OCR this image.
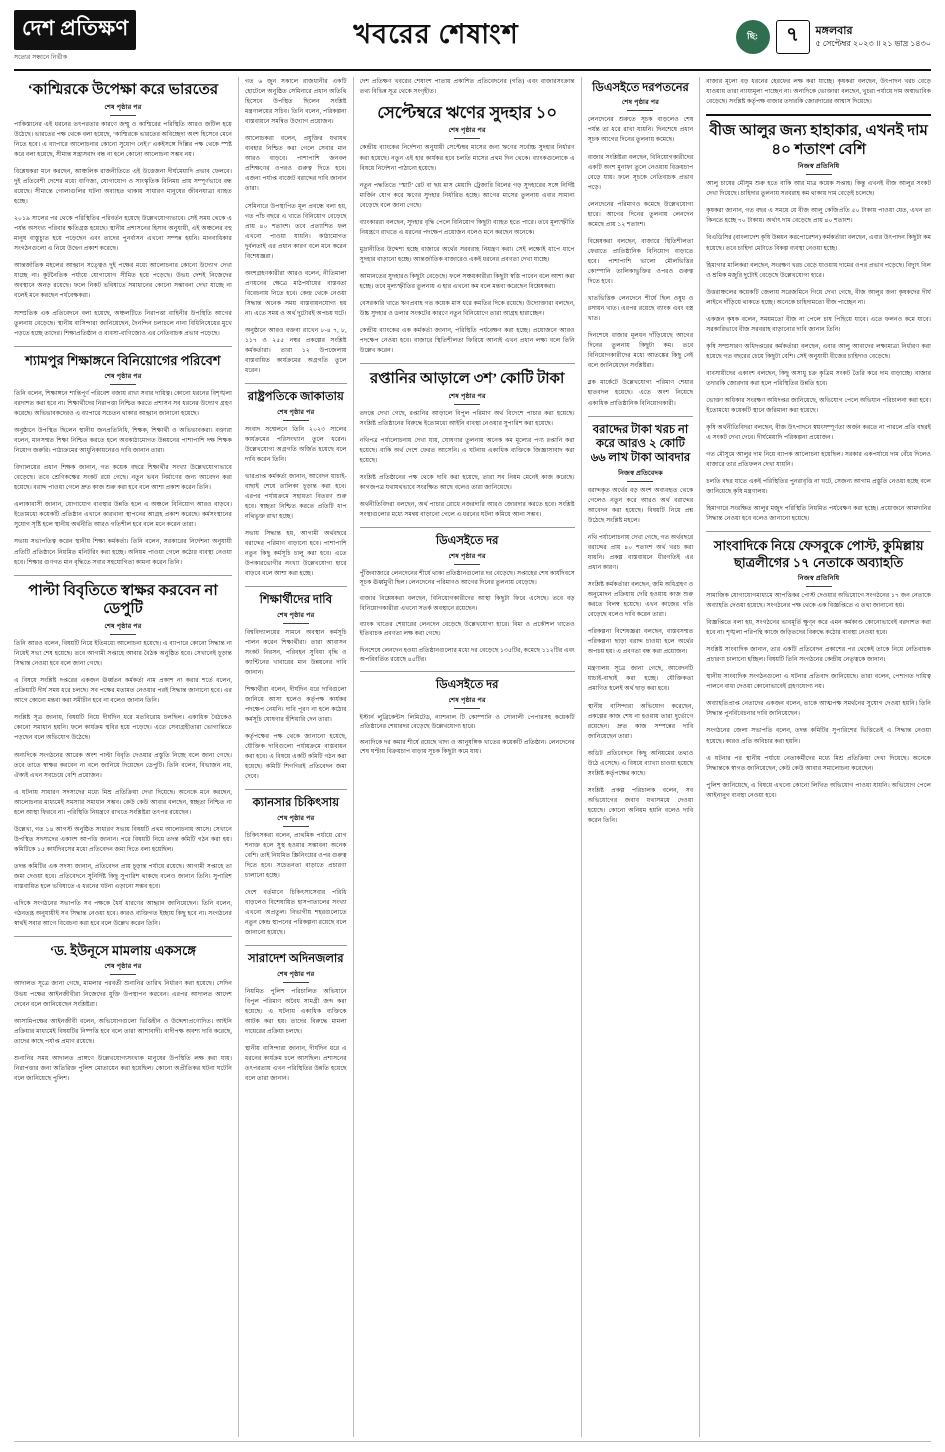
দেশ প্রতিক্ষণ
সত্যের সন্ধানে নির্ভীক
খবরের শেষাংশ	ছি:	৭	মঙ্গলবার
৫ সেপ্টেম্বর ২০২৩ ॥ ২১ ভাদ্র ১৪৩০
‘কাশ্মিরকে উপেক্ষা করে ভারতের
শেষ পৃষ্ঠার পর

পাকিস্তানের এই ধরনের তৎপরতার কারণে জম্মু ও কাশ্মিরের পরিস্থিতি আরও জটিল হয়ে উঠেছে। ভারতের পক্ষ থেকে বলা হয়েছে, ‘কাশ্মিরকে ভারতের অবিচ্ছেদ্য অংশ হিসেবে মেনে নিতে হবে। এ ব্যাপারে আলোচনার কোনো সুযোগ নেই।’ একইসঙ্গে দিল্লির পক্ষ থেকে স্পষ্ট করে বলা হয়েছে, সীমান্ত সন্ত্রাসবাদ বন্ধ না হলে কোনো আলোচনা সম্ভব নয়।

বিশ্লেষকরা মনে করছেন, আঞ্চলিক রাজনীতিতে এই উত্তেজনা দীর্ঘমেয়াদি প্রভাব ফেলবে। দুই প্রতিবেশী দেশের মধ্যে বাণিজ্য, যোগাযোগ ও সাংস্কৃতিক বিনিময় প্রায় সম্পূর্ণভাবে বন্ধ রয়েছে। সীমান্তে গোলাগুলির ঘটনা অব্যাহত থাকায় সাধারণ মানুষের জীবনযাত্রা ব্যাহত হচ্ছে।

২০১৯ সালের পর থেকে পরিস্থিতির পরিবর্তন হয়েছে উল্লেখযোগ্যভাবে। সেই সময় থেকে এ পর্যন্ত অসংখ্য পরিবার ক্ষতিগ্রস্ত হয়েছে। স্থানীয় প্রশাসনের হিসাব অনুযায়ী, এই অঞ্চলের বহু মানুষ বাস্তুচ্যুত হয়ে পড়েছেন এবং তাদের পুনর্বাসন এখনো সম্পন্ন হয়নি। মানবাধিকার সংগঠনগুলো এ নিয়ে উদ্বেগ প্রকাশ করেছে।

আন্তর্জাতিক মহলের আহ্বান সত্ত্বেও দুই পক্ষের মধ্যে আলোচনার কোনো উদ্যোগ দেখা যাচ্ছে না। কূটনৈতিক পর্যায়ে যোগাযোগ সীমিত হয়ে পড়েছে। উভয় দেশই নিজেদের অবস্থানে অনড় রয়েছে। ফলে নিকট ভবিষ্যতে সমাধানের কোনো সম্ভাবনা দেখা যাচ্ছে না বলেই মনে করছেন পর্যবেক্ষকরা।

সাম্প্রতিক এক প্রতিবেদনে বলা হয়েছে, অঞ্চলটিতে নিরাপত্তা বাহিনীর উপস্থিতি আগের তুলনায় বেড়েছে। স্থানীয় বাসিন্দারা জানিয়েছেন, দৈনন্দিন চলাচলে নানা বিধিনিষেধের মুখে পড়তে হচ্ছে তাদের। শিক্ষাপ্রতিষ্ঠান ও ব্যবসা-বাণিজ্যেও এর নেতিবাচক প্রভাব পড়েছে।

শ্যামপুর শিক্ষাঙ্গনে বিনিয়োগের পরিবেশ
শেষ পৃষ্ঠার পর

তিনি বলেন, শিক্ষাঙ্গনে শান্তিপূর্ণ পরিবেশ বজায় রাখা সবার দায়িত্ব। কোনো ধরনের বিশৃঙ্খলা বরদাশত করা হবে না। শিক্ষার্থীদের নিরাপত্তা নিশ্চিত করতে প্রশাসন সব ধরনের উদ্যোগ গ্রহণ করেছে। অভিভাবকদেরও এ ব্যাপারে সচেতন থাকার আহ্বান জানানো হয়েছে।

অনুষ্ঠানে উপস্থিত ছিলেন স্থানীয় জনপ্রতিনিধি, শিক্ষক, শিক্ষার্থী ও অভিভাবকরা। বক্তারা বলেন, মানসম্মত শিক্ষা নিশ্চিত করতে হলে অবকাঠামোগত উন্নয়নের পাশাপাশি দক্ষ শিক্ষক নিয়োগ জরুরি। পাঠ্যক্রমের আধুনিকায়নেরও দাবি জানান তারা।

বিদ্যালয়ের প্রধান শিক্ষক জানান, গত কয়েক বছরে শিক্ষার্থীর সংখ্যা উল্লেখযোগ্যভাবে বেড়েছে। তবে শ্রেণিকক্ষের সংকট রয়ে গেছে। নতুন ভবন নির্মাণের জন্য আবেদন করা হয়েছে। বরাদ্দ পাওয়া গেলে দ্রুত কাজ শুরু করা হবে বলে আশা প্রকাশ করেন তিনি।

এলাকাবাসী জানান, যোগাযোগ ব্যবস্থার উন্নতি হলে এ অঞ্চলে বিনিয়োগ আরও বাড়বে। ইতোমধ্যে কয়েকটি প্রতিষ্ঠান এখানে কারখানা স্থাপনের আগ্রহ প্রকাশ করেছে। কর্মসংস্থানের সুযোগ সৃষ্টি হলে স্থানীয় অর্থনীতি আরও গতিশীল হবে বলে মনে করেন তারা।

সভায় সভাপতিত্ব করেন স্থানীয় শিক্ষা কর্মকর্তা। তিনি বলেন, সরকারের নির্দেশনা অনুযায়ী প্রতিটি প্রতিষ্ঠানে নিয়মিত মনিটরিং করা হচ্ছে। অনিয়ম পাওয়া গেলে কঠোর ব্যবস্থা নেওয়া হবে। শিক্ষার গুণগত মান বৃদ্ধিতে সবার সহযোগিতা কামনা করেন তিনি।

পাল্টা বিবৃতিতে স্বাক্ষর করবেন না ডেপুটি
শেষ পৃষ্ঠার পর

তিনি আরও বলেন, বিষয়টি নিয়ে ইতিমধ্যে আলোচনা হয়েছে। এ ব্যাপারে কোনো সিদ্ধান্ত না নিয়েই সভা শেষ হয়েছে। তবে আগামী সপ্তাহে আবার বৈঠক অনুষ্ঠিত হবে। সেখানেই চূড়ান্ত সিদ্ধান্ত নেওয়া হবে বলে জানা গেছে।

এ বিষয়ে সংশ্লিষ্ট দপ্তরের একজন ঊর্ধ্বতন কর্মকর্তা নাম প্রকাশ না করার শর্তে বলেন, প্রক্রিয়াটি দীর্ঘ সময় ধরে চলছে। সব পক্ষের মতামত নেওয়ার পরই সিদ্ধান্ত জানানো হবে। এর আগে কোনো মন্তব্য করা সমীচীন হবে না বলেও জানান তিনি।

সংশ্লিষ্ট সূত্র জানায়, বিষয়টি নিয়ে দীর্ঘদিন ধরে মতবিরোধ চলছিল। একাধিক বৈঠকেও কোনো সমাধান হয়নি। ফলে কার্যক্রম স্থবির হয়ে পড়েছে। এতে সেবাগ্রহীতারা ভোগান্তিতে পড়ছেন বলে অভিযোগ উঠেছে।

অন্যদিকে সংগঠনের আরেক অংশ পাল্টা বিবৃতি দেওয়ার প্রস্তুতি নিচ্ছে বলে জানা গেছে। তবে তাতে স্বাক্ষর করবেন না বলে জানিয়ে দিয়েছেন ডেপুটি। তিনি বলেন, বিভাজন নয়, ঐক্যই এখন সবচেয়ে বেশি প্রয়োজন।

এ ঘটনায় সাধারণ সদস্যদের মধ্যে মিশ্র প্রতিক্রিয়া দেখা দিয়েছে। অনেকে মনে করছেন, আলোচনার মাধ্যমেই সমস্যার সমাধান সম্ভব। কেউ কেউ আবার বলছেন, স্বচ্ছতা নিশ্চিত না হলে আস্থা ফিরবে না। পরিস্থিতি নিয়ন্ত্রণে রাখতে সংশ্লিষ্টরা তৎপর রয়েছেন।

উল্লেখ্য, গত ১৪ আগস্ট অনুষ্ঠিত সাধারণ সভায় বিষয়টি প্রথম আলোচনায় আসে। সেখানে উপস্থিত সদস্যদের একাংশ আপত্তি জানান। পরে বিষয়টি নিয়ে তদন্ত কমিটি গঠন করা হয়। কমিটিকে ১৫ কার্যদিবসের মধ্যে প্রতিবেদন জমা দিতে বলা হয়েছিল।

তদন্ত কমিটির এক সদস্য জানান, প্রতিবেদন প্রায় চূড়ান্ত পর্যায়ে রয়েছে। আগামী সপ্তাহে তা জমা দেওয়া হবে। প্রতিবেদনে সুনির্দিষ্ট কিছু সুপারিশ থাকছে বলেও জানান তিনি। সুপারিশ বাস্তবায়িত হলে ভবিষ্যতে এ ধরনের ঘটনা এড়ানো সম্ভব হবে।

এদিকে সংগঠনের সভাপতি সব পক্ষকে ধৈর্য ধারণের আহ্বান জানিয়েছেন। তিনি বলেন, গঠনতন্ত্র অনুযায়ীই সব সিদ্ধান্ত নেওয়া হবে। কারও ব্যক্তিগত ইচ্ছায় কিছু হবে না। সংগঠনের স্বার্থই সবার আগে বিবেচনা করা হবে বলে উল্লেখ করেন তিনি।

‘ড. ইউনূসে মামলায় একসঙ্গে
শেষ পৃষ্ঠার পর

আদালত সূত্রে জানা গেছে, মামলার পরবর্তী শুনানির তারিখ নির্ধারণ করা হয়েছে। সেদিন উভয় পক্ষের আইনজীবীরা নিজেদের যুক্তি উপস্থাপন করবেন। এরপর আদালত আদেশ দেবেন বলে জানিয়েছেন সংশ্লিষ্টরা।

আসামিপক্ষের আইনজীবী বলেন, অভিযোগগুলো ভিত্তিহীন ও উদ্দেশ্যপ্রণোদিত। আইনি প্রক্রিয়ার মাধ্যমেই বিষয়টির নিষ্পত্তি হবে বলে তারা আশাবাদী। বাদীপক্ষ অবশ্য দাবি করেছে, তাদের কাছে পর্যাপ্ত প্রমাণ রয়েছে।

শুনানির সময় আদালত প্রাঙ্গণে উল্লেখযোগ্যসংখ্যক মানুষের উপস্থিতি লক্ষ করা যায়। নিরাপত্তার জন্য অতিরিক্ত পুলিশ মোতায়েন করা হয়েছিল। কোনো অপ্রীতিকর ঘটনা ঘটেনি বলে জানিয়েছে পুলিশ।

গত ৬ জুন সকালে রাজধানীর একটি হোটেলে অনুষ্ঠিত সেমিনারে প্রধান অতিথি হিসেবে উপস্থিত ছিলেন সংশ্লিষ্ট মন্ত্রণালয়ের সচিব। তিনি বলেন, পরিকল্পনা বাস্তবায়নে সমন্বিত উদ্যোগ প্রয়োজন।

আলোচকরা বলেন, প্রযুক্তির যথাযথ ব্যবহার নিশ্চিত করা গেলে সেবার মান আরও বাড়বে। পাশাপাশি জনবল প্রশিক্ষণের ওপরও গুরুত্ব দিতে হবে। এজন্য পর্যাপ্ত বাজেট বরাদ্দের দাবি জানান তারা।

সেমিনারে উপস্থাপিত মূল প্রবন্ধে বলা হয়, গত পাঁচ বছরে এ খাতে বিনিয়োগ বেড়েছে প্রায় ৪০ শতাংশ। তবে প্রত্যাশিত ফল এখনো পাওয়া যায়নি। কাঠামোগত দুর্বলতাই এর প্রধান কারণ বলে মনে করেন বিশেষজ্ঞরা।

অংশগ্রহণকারীরা আরও বলেন, নীতিমালা প্রণয়নের ক্ষেত্রে মাঠপর্যায়ের বাস্তবতা বিবেচনায় নিতে হবে। কেন্দ্র থেকে নেওয়া সিদ্ধান্ত অনেক সময় বাস্তবায়নযোগ্য হয় না। এতে সময় ও অর্থ দুটোরই অপচয় ঘটে।

অনুষ্ঠানে আরও বক্তব্য রাখেন ৮-৪ ৭, ৮, ১১৭ ও ২৫৫ নম্বর প্রকল্পের সংশ্লিষ্ট কর্মকর্তারা। তারা ১২ উপজেলায় বাস্তবায়িত কার্যক্রমের অগ্রগতি তুলে ধরেন।

রাষ্ট্রপতিকে জাকাতায়
শেষ পৃষ্ঠার পর

সংবাদ সম্মেলনে তিনি ২০২৩ সালের কার্যক্রমের পরিসংখ্যান তুলে ধরেন। উল্লেখযোগ্য অগ্রগতি অর্জিত হয়েছে বলে দাবি করেন তিনি।

ভারপ্রাপ্ত কর্মকর্তা জানান, আবেদন যাচাই-বাছাই শেষে তালিকা চূড়ান্ত করা হবে। এরপর পর্যায়ক্রমে সহায়তা বিতরণ শুরু হবে। স্বচ্ছতা নিশ্চিত করতে প্রতিটি ধাপ নথিভুক্ত রাখা হচ্ছে।

সভায় সিদ্ধান্ত হয়, আগামী অর্থবছরে বরাদ্দের পরিমাণ বাড়ানো হবে। পাশাপাশি নতুন কিছু কর্মসূচি চালু করা হবে। এতে উপকারভোগীর সংখ্যা উল্লেখযোগ্য হারে বাড়বে বলে আশা করা হচ্ছে।

শিক্ষার্থীদের দাবি
শেষ পৃষ্ঠার পর

বিশ্ববিদ্যালয়ের সামনে অবস্থান কর্মসূচি পালন করেন শিক্ষার্থীরা। তারা আবাসন সংকট নিরসন, পরিবহন সুবিধা বৃদ্ধি ও ক্যান্টিনের খাবারের মান উন্নয়নের দাবি জানান।

শিক্ষার্থীরা বলেন, দীর্ঘদিন ধরে দাবিগুলো জানিয়ে আসা হলেও কর্তৃপক্ষ কার্যকর পদক্ষেপ নেয়নি। দাবি পূরণ না হলে কঠোর কর্মসূচি ঘোষণার হুঁশিয়ারি দেন তারা।

কর্তৃপক্ষের পক্ষ থেকে জানানো হয়েছে, যৌক্তিক দাবিগুলো পর্যায়ক্রমে বাস্তবায়ন করা হবে। এ বিষয়ে একটি কমিটি গঠন করা হয়েছে। কমিটি শিগগিরই প্রতিবেদন জমা দেবে।

ক্যানসার চিকিৎসায়
শেষ পৃষ্ঠার পর

চিকিৎসকরা বলেন, প্রাথমিক পর্যায়ে রোগ শনাক্ত হলে সুস্থ হওয়ার সম্ভাবনা অনেক বেশি। তাই নিয়মিত স্ক্রিনিংয়ের ওপর গুরুত্ব দিতে হবে। সচেতনতা বাড়াতে প্রচারণা চালানো হচ্ছে।

দেশে বর্তমানে চিকিৎসাসেবার পরিধি বাড়লেও বিশেষায়িত হাসপাতালের সংখ্যা এখনো অপ্রতুল। বিভাগীয় শহরগুলোতে নতুন কেন্দ্র স্থাপনের পরিকল্পনা রয়েছে বলে জানানো হয়েছে।

সারাদেশ অদিনজলার
শেষ পৃষ্ঠার পর

নিয়মিত পুলিশ পরিচালিত অভিযানে বিপুল পরিমাণ অবৈধ সামগ্রী জব্দ করা হয়েছে। এ ঘটনায় একাধিক ব্যক্তিকে আটক করা হয়। তাদের বিরুদ্ধে মামলা দায়েরের প্রক্রিয়া চলছে।

স্থানীয় বাসিন্দারা জানান, দীর্ঘদিন ধরে এ ধরনের কার্যক্রম চলে আসছিল। প্রশাসনের তৎপরতায় এখন পরিস্থিতির উন্নতি হয়েছে বলে তারা জানান।

দেশ প্রতিক্ষণ খবরের শেষাংশ পাতায় প্রকাশিত প্রতিবেদনের (গতি) এবং বাজারসংক্রান্ত তথ্য বিভিন্ন সূত্র থেকে সংগৃহীত।

সেপ্টেম্বরে ঋণের সুদহার ১০
শেষ পৃষ্ঠার পর

কেন্দ্রীয় ব্যাংকের নির্দেশনা অনুযায়ী সেপ্টেম্বর মাসের জন্য ঋণের সর্বোচ্চ সুদহার নির্ধারণ করা হয়েছে। নতুন এই হার কার্যকর হবে চলতি মাসের প্রথম দিন থেকে। ব্যাংকগুলোকে এ বিষয়ে নির্দেশনা পাঠানো হয়েছে।

নতুন পদ্ধতিতে ‘স্মার্ট’ রেট বা ছয় মাস মেয়াদি ট্রেজারি বিলের গড় সুদহারের সঙ্গে নির্দিষ্ট মার্জিন যোগ করে ঋণের সুদহার নির্ধারিত হচ্ছে। আগের মাসের তুলনায় এবার সামান্য বেড়েছে বলে জানা গেছে।

ব্যাংকাররা বলছেন, সুদহার বৃদ্ধি পেলে বিনিয়োগ কিছুটা ব্যাহত হতে পারে। তবে মূল্যস্ফীতি নিয়ন্ত্রণে রাখতে এ ধরনের পদক্ষেপ প্রয়োজন বলেও মনে করছেন অনেকে।

মুদ্রানীতির উদ্দেশ্য হচ্ছে বাজারে অর্থের সরবরাহ নিয়ন্ত্রণ করা। সেই লক্ষ্যেই ধাপে ধাপে সুদহার বাড়ানো হচ্ছে। আন্তর্জাতিক বাজারেও একই ধরনের প্রবণতা দেখা যাচ্ছে।

আমানতের সুদহারও কিছুটা বেড়েছে। ফলে সঞ্চয়কারীরা কিছুটা স্বস্তি পাবেন বলে আশা করা হচ্ছে। তবে মূল্যস্ফীতির তুলনায় এ হার এখনো কম বলে মন্তব্য করেছেন বিশ্লেষকরা।

বেসরকারি খাতে ঋণপ্রবাহ গত কয়েক মাস ধরে কমতির দিকে রয়েছে। উদ্যোক্তারা বলছেন, উচ্চ সুদহার ও ডলার সংকটের কারণে নতুন বিনিয়োগে তারা আগ্রহ হারাচ্ছেন।

কেন্দ্রীয় ব্যাংকের এক কর্মকর্তা জানান, পরিস্থিতি পর্যবেক্ষণ করা হচ্ছে। প্রয়োজনে আরও পদক্ষেপ নেওয়া হবে। বাজারে স্থিতিশীলতা ফিরিয়ে আনাই এখন প্রধান লক্ষ্য বলে তিনি উল্লেখ করেন।

রপ্তানির আড়ালে ৩শ’ কোটি টাকা
শেষ পৃষ্ঠার পর

তদন্তে দেখা গেছে, রপ্তানির আড়ালে বিপুল পরিমাণ অর্থ বিদেশে পাচার করা হয়েছে। সংশ্লিষ্ট প্রতিষ্ঠানের বিরুদ্ধে ইতোমধ্যে আইনি ব্যবস্থা নেওয়ার সুপারিশ করা হয়েছে।

নথিপত্র পর্যালোচনায় দেখা যায়, ঘোষণার তুলনায় অনেক কম মূল্যের পণ্য রপ্তানি করা হয়েছে। বাকি অর্থ দেশে ফেরত আসেনি। এ ঘটনায় একাধিক ব্যক্তিকে জিজ্ঞাসাবাদ করা হয়েছে।

সংশ্লিষ্ট প্রতিষ্ঠানের পক্ষ থেকে দাবি করা হয়েছে, তারা সব নিয়ম মেনেই কাজ করেছে। কাগজপত্র যথাযথভাবে সংরক্ষিত আছে বলেও তারা জানিয়েছে।

অর্থনীতিবিদরা বলছেন, অর্থ পাচার রোধে নজরদারি আরও জোরদার করতে হবে। সংশ্লিষ্ট সংস্থাগুলোর মধ্যে সমন্বয় বাড়ানো গেলে এ ধরনের ঘটনা কমিয়ে আনা সম্ভব।

ডিএসইতে দর
শেষ পৃষ্ঠার পর

পুঁজিবাজারে লেনদেনের শীর্ষে থাকা প্রতিষ্ঠানগুলোর দর বেড়েছে। সপ্তাহের শেষ কার্যদিবসে সূচক ঊর্ধ্বমুখী ছিল। লেনদেনের পরিমাণও আগের দিনের তুলনায় বেড়েছে।

বাজার বিশ্লেষকরা বলছেন, বিনিয়োগকারীদের আস্থা কিছুটা ফিরে এসেছে। তবে বড় বিনিয়োগকারীরা এখনো সতর্ক অবস্থানে রয়েছেন।

ব্যাংক খাতের শেয়ারের লেনদেন বেড়েছে উল্লেখযোগ্য হারে। বিমা ও প্রকৌশল খাতেও ইতিবাচক প্রবণতা লক্ষ করা গেছে।

দিনশেষে লেনদেন হওয়া প্রতিষ্ঠানগুলোর মধ্যে দর বেড়েছে ১৩৫টির, কমেছে ১১২টির এবং অপরিবর্তিত রয়েছে ৪৫টির।

ডিএসইতে দর
শেষ পৃষ্ঠার পর

ইস্টার্ন লুব্রিকেন্টস লিমিটেড, ন্যাশনাল টি কোম্পানি ও সোনালী পেপারসহ কয়েকটি প্রতিষ্ঠানের শেয়ারদর বেড়েছে উল্লেখযোগ্য হারে।

অন্যদিকে দর কমার শীর্ষে রয়েছে খাদ্য ও আনুষঙ্গিক খাতের কয়েকটি প্রতিষ্ঠান। লেনদেনের শেষ ঘণ্টায় বিক্রয়চাপ বাড়ায় সূচক কিছুটা কমে যায়।

ডিএসইতে দরপতনের
শেষ পৃষ্ঠার পর

লেনদেনের শুরুতে সূচক বাড়লেও শেষ পর্যন্ত তা ধরে রাখা যায়নি। দিনশেষে প্রধান সূচক আগের দিনের তুলনায় কমেছে।

বাজার সংশ্লিষ্টরা বলছেন, বিনিয়োগকারীদের একটি অংশ মুনাফা তুলে নেওয়ায় বিক্রয়চাপ বেড়ে যায়। ফলে সূচকে নেতিবাচক প্রভাব পড়ে।

লেনদেনের পরিমাণও কমেছে উল্লেখযোগ্য হারে। আগের দিনের তুলনায় লেনদেন কমেছে প্রায় ১২ শতাংশ।

বিশ্লেষকরা বলছেন, বাজারে স্থিতিশীলতা ফেরাতে প্রাতিষ্ঠানিক বিনিয়োগ বাড়াতে হবে। পাশাপাশি ভালো মৌলভিত্তির কোম্পানি তালিকাভুক্তির ওপরও গুরুত্ব দিতে হবে।

খাতভিত্তিক লেনদেনে শীর্ষে ছিল ওষুধ ও রসায়ন খাত। এরপর রয়েছে ব্যাংক এবং বস্ত্র খাত।

দিনশেষে বাজার মূলধন দাঁড়িয়েছে আগের দিনের তুলনায় কিছুটা কম। তবে বিনিয়োগকারীদের মধ্যে আতঙ্কের কিছু নেই বলে জানিয়েছেন সংশ্লিষ্টরা।

ব্লক মার্কেটে উল্লেখযোগ্য পরিমাণ শেয়ার হাতবদল হয়েছে। এতে অংশ নিয়েছে একাধিক প্রাতিষ্ঠানিক বিনিয়োগকারী।

বরাদ্দের টাকা খরচ না করে আরও ২ কোটি ৬৬ লাখ টাকা আবদার
নিজস্ব প্রতিবেদক

বরাদ্দকৃত অর্থের বড় অংশ অব্যবহৃত থেকে গেলেও নতুন করে আরও অর্থ বরাদ্দের আবেদন করা হয়েছে। বিষয়টি নিয়ে প্রশ্ন উঠেছে সংশ্লিষ্ট মহলে।

নথি পর্যালোচনায় দেখা গেছে, গত অর্থবছরে বরাদ্দের প্রায় ৪০ শতাংশ অর্থ খরচ করা যায়নি। প্রকল্প বাস্তবায়নে ধীরগতিই এর প্রধান কারণ।

সংশ্লিষ্ট কর্মকর্তারা বলছেন, জমি অধিগ্রহণ ও অনুমোদন প্রক্রিয়ায় দেরি হওয়ায় কাজ শুরু করতে বিলম্ব হয়েছে। এখন কাজের গতি বেড়েছে বলেও দাবি করেন তারা।

পরিকল্পনা বিশেষজ্ঞরা বলছেন, বাস্তবসম্মত পরিকল্পনা ছাড়া বরাদ্দ চাওয়া হলে অর্থের অপচয় হয়। এ প্রবণতা বন্ধ করা প্রয়োজন।

মন্ত্রণালয় সূত্রে জানা গেছে, আবেদনটি যাচাই-বাছাই করা হচ্ছে। যৌক্তিকতা প্রমাণিত হলেই অর্থ ছাড় করা হবে।

স্থানীয় বাসিন্দারা অভিযোগ করেছেন, প্রকল্পের কাজ শেষ না হওয়ায় তারা দুর্ভোগে রয়েছেন। দ্রুত কাজ সম্পন্নের দাবি জানিয়েছেন তারা।

অডিট প্রতিবেদনে কিছু অনিয়মের তথ্যও উঠে এসেছে। এ বিষয়ে ব্যাখ্যা চাওয়া হয়েছে সংশ্লিষ্ট কর্তৃপক্ষের কাছে।

সংশ্লিষ্ট প্রকল্প পরিচালক বলেন, সব অভিযোগের জবাব যথাসময়ে দেওয়া হয়েছে। কোনো অনিয়ম হয়নি বলেও দাবি করেন তিনি।

বাজার মূল্যে বড় ধরনের হেরফের লক্ষ করা যাচ্ছে। কৃষকরা বলছেন, উৎপাদন খরচ বেড়ে যাওয়ায় তারা ন্যায্যমূল্য পাচ্ছেন না। অন্যদিকে ভোক্তারা বলছেন, খুচরা পর্যায়ে দাম অস্বাভাবিক বেড়েছে। সংশ্লিষ্ট কর্তৃপক্ষ বাজার তদারকি জোরদারের আশ্বাস দিয়েছে।

বীজ আলুর জন্য হাহাকার, এখনই দাম ৪০ শতাংশ বেশি
নিজস্ব প্রতিনিধি

আলু চাষের মৌসুম শুরু হতে বাকি আর মাত্র কয়েক সপ্তাহ। কিন্তু এখনই বীজ আলুর সংকট দেখা দিয়েছে। চাহিদার তুলনায় সরবরাহ কম থাকায় দাম বেড়েই চলেছে।

কৃষকরা জানান, গত বছর এ সময়ে যে বীজ আলু কেজিপ্রতি ৫০ টাকায় পাওয়া যেত, এখন তা কিনতে হচ্ছে ৭০ টাকায়। অর্থাৎ দাম বেড়েছে প্রায় ৪০ শতাংশ।

বিএডিসির (বাংলাদেশ কৃষি উন্নয়ন করপোরেশন) কর্মকর্তারা বলছেন, এবার উৎপাদন কিছুটা কম হয়েছে। তবে চাহিদা মেটাতে বিকল্প ব্যবস্থা নেওয়া হচ্ছে।

হিমাগার মালিকরা বলছেন, সংরক্ষণ খরচ বেড়ে যাওয়ায় দামের ওপর প্রভাব পড়েছে। বিদ্যুৎ বিল ও শ্রমিক মজুরি দুটোই বেড়েছে উল্লেখযোগ্য হারে।

উত্তরাঞ্চলের কয়েকটি জেলায় সরেজমিনে গিয়ে দেখা গেছে, বীজ আলুর জন্য কৃষকদের দীর্ঘ লাইনে দাঁড়িয়ে থাকতে হচ্ছে। অনেকে চাহিদামতো বীজ পাচ্ছেন না।

একজন কৃষক বলেন, সময়মতো বীজ না পেলে চাষ পিছিয়ে যাবে। এতে ফলনও কমে যাবে। সরকারিভাবে বীজ সরবরাহ বাড়ানোর দাবি জানান তিনি।

কৃষি সম্প্রসারণ অধিদপ্তরের কর্মকর্তারা বলছেন, এবার আলু আবাদের লক্ষ্যমাত্রা নির্ধারণ করা হয়েছে গত বছরের চেয়ে কিছুটা বেশি। সেই অনুযায়ী বীজের চাহিদাও বেড়েছে।

ব্যবসায়ীদের একাংশ বলছেন, কিছু অসাধু চক্র কৃত্রিম সংকট তৈরি করে দাম বাড়াচ্ছে। বাজার তদারকি জোরদার করা হলে পরিস্থিতির উন্নতি হবে।

ভোক্তা অধিকার সংরক্ষণ অধিদপ্তর জানিয়েছে, অভিযোগ পেলে অভিযান পরিচালনা করা হবে। ইতোমধ্যে কয়েকটি স্থানে জরিমানা করা হয়েছে।

কৃষি অর্থনীতিবিদরা বলছেন, বীজ উৎপাদনে স্বয়ংসম্পূর্ণতা অর্জন করতে না পারলে প্রতি বছরই এ সংকট দেখা দেবে। দীর্ঘমেয়াদি পরিকল্পনা প্রয়োজন।

গত মৌসুমে আলুর দাম নিয়ে ব্যাপক আলোচনা হয়েছিল। সরকার একপর্যায়ে দাম বেঁধে দিলেও বাজারে তার প্রতিফলন দেখা যায়নি।

চলতি বছর যাতে একই পরিস্থিতির পুনরাবৃত্তি না ঘটে, সেজন্য আগাম প্রস্তুতি নেওয়া হচ্ছে বলে জানিয়েছে কৃষি মন্ত্রণালয়।

হিমাগারে সংরক্ষিত আলুর মজুদ পরিস্থিতি নিয়মিত পর্যবেক্ষণ করা হচ্ছে। প্রয়োজনে আমদানির সিদ্ধান্ত নেওয়া হবে বলেও জানানো হয়েছে।

সাংবাদিকে নিয়ে ফেসবুকে পোস্ট, কুমিল্লায় ছাত্রলীগের ১৭ নেতাকে অব্যাহতি
নিজস্ব প্রতিনিধি

সামাজিক যোগাযোগমাধ্যমে আপত্তিকর পোস্ট দেওয়ার অভিযোগে সংগঠনের ১৭ জন নেতাকে অব্যাহতি দেওয়া হয়েছে। সংগঠনের পক্ষ থেকে এক বিজ্ঞপ্তিতে এ তথ্য জানানো হয়।

বিজ্ঞপ্তিতে বলা হয়, সংগঠনের ভাবমূর্তি ক্ষুণ্ন করে এমন কর্মকাণ্ড কোনোভাবেই বরদাশত করা হবে না। শৃঙ্খলা পরিপন্থি কাজে জড়িতদের বিরুদ্ধে কঠোর ব্যবস্থা নেওয়া হবে।

সংশ্লিষ্ট সাংবাদিক জানান, তার একটি প্রতিবেদন প্রকাশের পর থেকেই তাকে নিয়ে নেতিবাচক প্রচারণা চালানো হচ্ছিল। বিষয়টি তিনি সংগঠনের কেন্দ্রীয় নেতৃত্বকে জানান।

স্থানীয় সাংবাদিক সংগঠনগুলো এ ঘটনার প্রতিবাদ জানিয়েছে। তারা বলেন, পেশাগত দায়িত্ব পালনে বাধা দেওয়া কোনোভাবেই গ্রহণযোগ্য নয়।

অব্যাহতিপ্রাপ্ত নেতাদের একজন বলেন, তাকে আত্মপক্ষ সমর্থনের সুযোগ দেওয়া হয়নি। তিনি সিদ্ধান্ত পুনর্বিবেচনার দাবি জানিয়েছেন।

সংগঠনের জেলা সভাপতি বলেন, তদন্ত কমিটির সুপারিশের ভিত্তিতেই এ সিদ্ধান্ত নেওয়া হয়েছে। কারও প্রতি অবিচার করা হয়নি।

এ ঘটনার পর স্থানীয় পর্যায়ে নেতাকর্মীদের মধ্যে মিশ্র প্রতিক্রিয়া দেখা দিয়েছে। অনেকে সিদ্ধান্তকে স্বাগত জানিয়েছেন, কেউ কেউ আবার সমালোচনা করেছেন।

পুলিশ জানিয়েছে, এ বিষয়ে এখনো কোনো লিখিত অভিযোগ পাওয়া যায়নি। অভিযোগ পেলে আইনানুগ ব্যবস্থা নেওয়া হবে।
